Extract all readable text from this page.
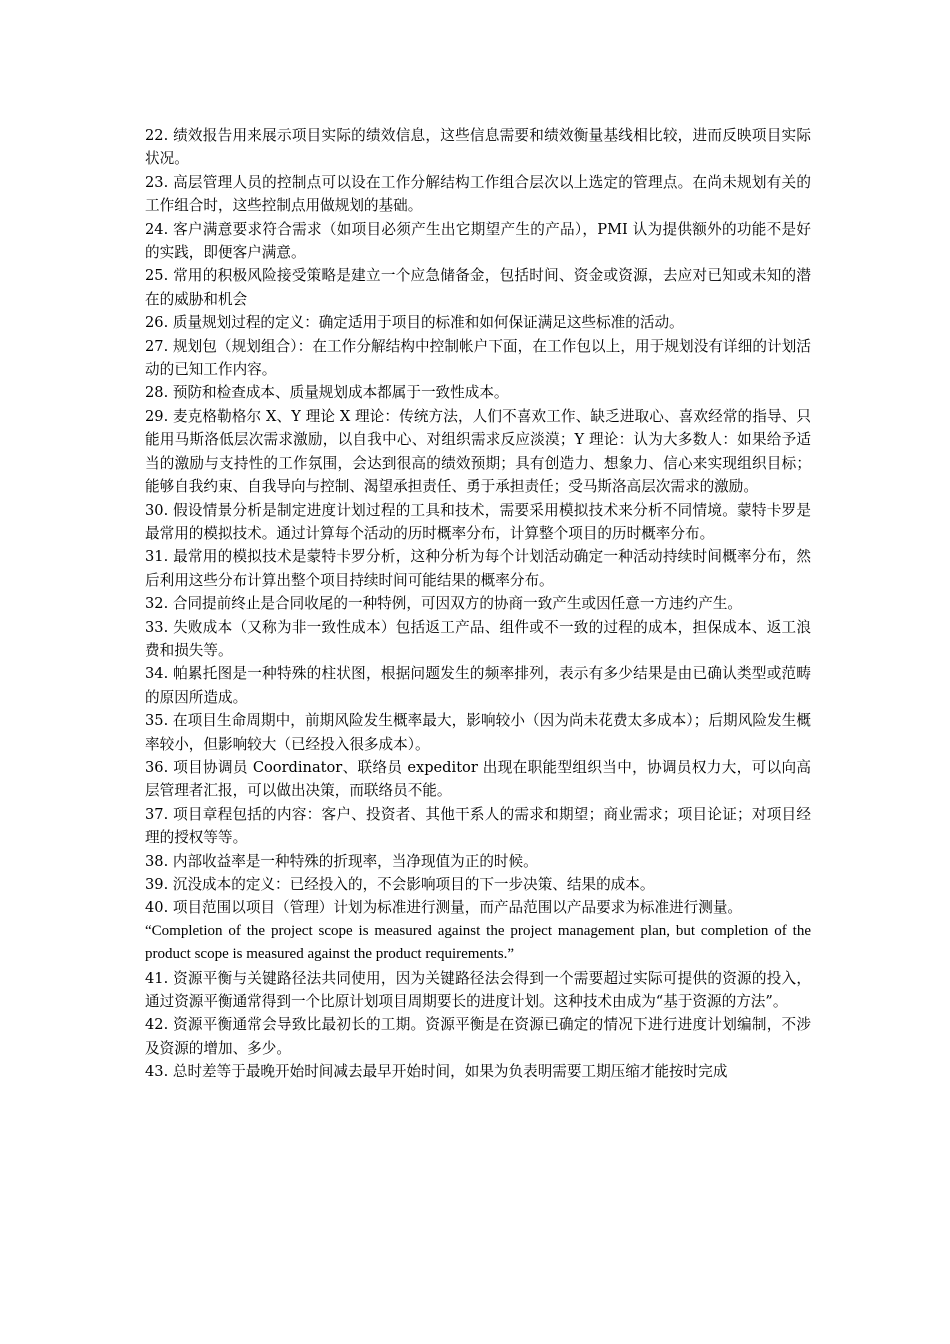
22. 绩效报告用来展示项目实际的绩效信息，这些信息需要和绩效衡量基线相比较，进而反映项目实际状况。

23. 高层管理人员的控制点可以设在工作分解结构工作组合层次以上选定的管理点。在尚未规划有关的工作组合时，这些控制点用做规划的基础。

24. 客户满意要求符合需求（如项目必须产生出它期望产生的产品），PMI 认为提供额外的功能不是好的实践，即便客户满意。

25. 常用的积极风险接受策略是建立一个应急储备金，包括时间、资金或资源，去应对已知或未知的潜在的威胁和机会

26. 质量规划过程的定义：确定适用于项目的标准和如何保证满足这些标准的活动。

27. 规划包（规划组合）：在工作分解结构中控制帐户下面，在工作包以上，用于规划没有详细的计划活动的已知工作内容。

28. 预防和检查成本、质量规划成本都属于一致性成本。

29. 麦克格勒格尔 X、Y 理论 X 理论：传统方法，人们不喜欢工作、缺乏进取心、喜欢经常的指导、只能用马斯洛低层次需求激励，以自我中心、对组织需求反应淡漠；Y 理论：认为大多数人：如果给予适当的激励与支持性的工作氛围，会达到很高的绩效预期；具有创造力、想象力、信心来实现组织目标；能够自我约束、自我导向与控制、渴望承担责任、勇于承担责任；受马斯洛高层次需求的激励。

30. 假设情景分析是制定进度计划过程的工具和技术，需要采用模拟技术来分析不同情境。蒙特卡罗是最常用的模拟技术。通过计算每个活动的历时概率分布，计算整个项目的历时概率分布。

31. 最常用的模拟技术是蒙特卡罗分析，这种分析为每个计划活动确定一种活动持续时间概率分布，然后利用这些分布计算出整个项目持续时间可能结果的概率分布。

32. 合同提前终止是合同收尾的一种特例，可因双方的协商一致产生或因任意一方违约产生。

33. 失败成本（又称为非一致性成本）包括返工产品、组件或不一致的过程的成本，担保成本、返工浪费和损失等。

34. 帕累托图是一种特殊的柱状图，根据问题发生的频率排列，表示有多少结果是由已确认类型或范畴的原因所造成。

35. 在项目生命周期中，前期风险发生概率最大，影响较小（因为尚未花费太多成本）；后期风险发生概率较小，但影响较大（已经投入很多成本）。

36. 项目协调员 Coordinator、联络员 expeditor 出现在职能型组织当中，协调员权力大，可以向高层管理者汇报，可以做出决策，而联络员不能。

37. 项目章程包括的内容：客户、投资者、其他干系人的需求和期望；商业需求；项目论证；对项目经理的授权等等。

38. 内部收益率是一种特殊的折现率，当净现值为正的时候。

39. 沉没成本的定义：已经投入的，不会影响项目的下一步决策、结果的成本。

40. 项目范围以项目（管理）计划为标准进行测量，而产品范围以产品要求为标准进行测量。

“Completion of the project scope is measured against the project management plan, but completion of the product scope is measured against the product requirements.”

41. 资源平衡与关键路径法共同使用，因为关键路径法会得到一个需要超过实际可提供的资源的投入，通过资源平衡通常得到一个比原计划项目周期要长的进度计划。这种技术由成为“基于资源的方法”。

42. 资源平衡通常会导致比最初长的工期。资源平衡是在资源已确定的情况下进行进度计划编制，不涉及资源的增加、多少。

43. 总时差等于最晚开始时间减去最早开始时间，如果为负表明需要工期压缩才能按时完成
